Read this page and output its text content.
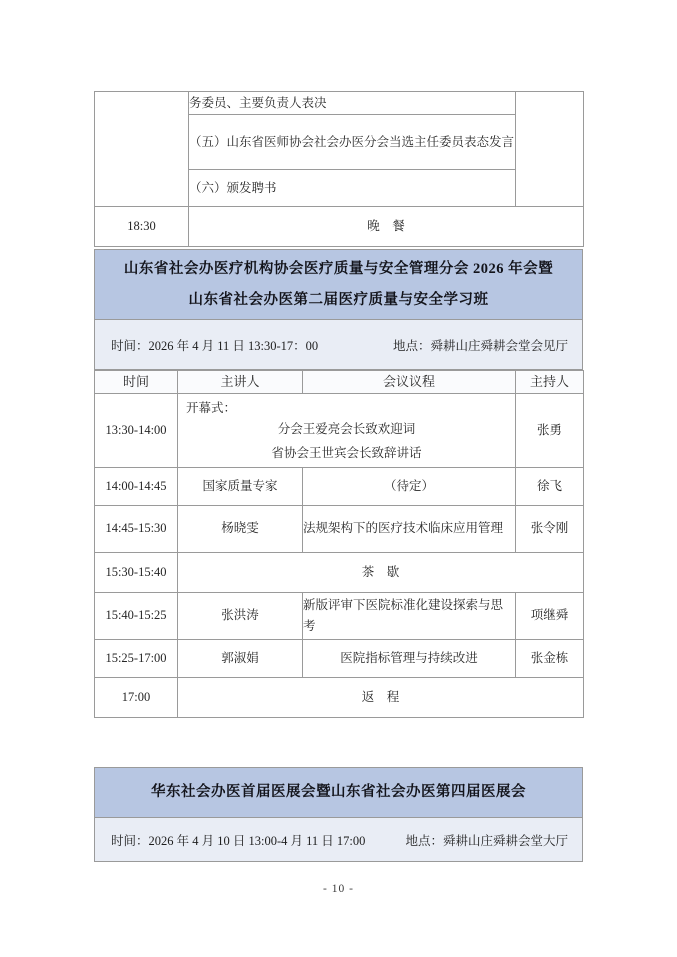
	务委员、主要负责人表决	
	（五）山东省医师协会社会办医分会当选主任委员表态发言	
	（六）颁发聘书	
18:30	晚　餐	
山东省社会办医疗机构协会医疗质量与安全管理分会 2026 年会暨
山东省社会办医第二届医疗质量与安全学习班
时间：2026 年 4 月 11 日 13:30-17：00	地点：舜耕山庄舜耕会堂会见厅
时间	主讲人	会议议程	主持人
13:30-14:00	开幕式：
分会王爱亮会长致欢迎词
省协会王世宾会长致辞讲话		张勇
14:00-14:45	国家质量专家	（待定）	徐飞
14:45-15:30	杨晓雯	法规架构下的医疗技术临床应用管理	张令刚
15:30-15:40	茶　歇		
15:40-15:25	张洪涛	新版评审下医院标准化建设探索与思考	项继舜
15:25-17:00	郭淑娟	医院指标管理与持续改进	张金栋
17:00	返　程		
华东社会办医首届医展会暨山东省社会办医第四届医展会
时间：2026 年 4 月 10 日 13:00-4 月 11 日 17:00	地点：舜耕山庄舜耕会堂大厅
- 10 -
